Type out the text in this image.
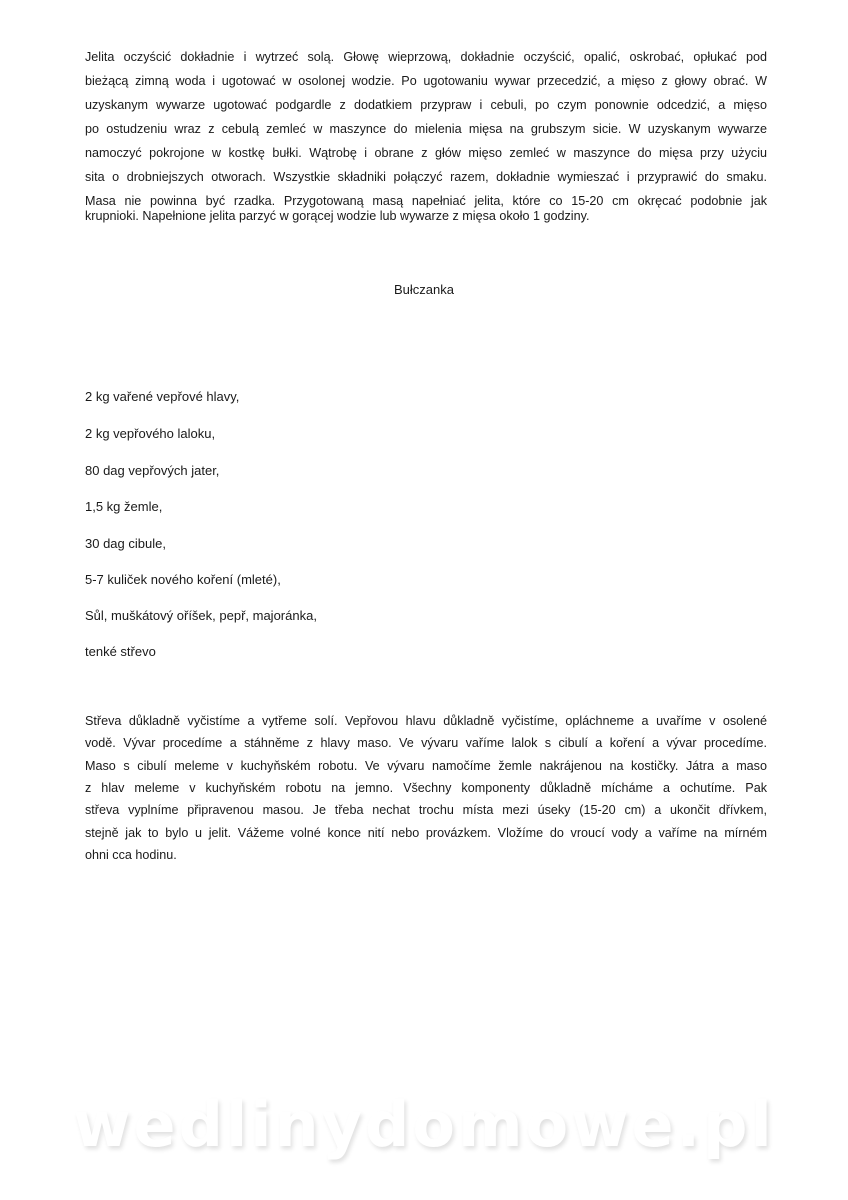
Jelita oczyścić dokładnie i wytrzeć solą. Głowę wieprzową, dokładnie oczyścić, opalić, oskrobać, opłukać pod
bieżącą zimną woda i ugotować w osolonej wodzie. Po ugotowaniu wywar przecedzić, a mięso z głowy obrać. W
uzyskanym wywarze ugotować podgardle z dodatkiem przypraw i cebuli, po czym ponownie odcedzić, a mięso
po ostudzeniu wraz z cebulą zemleć w maszynce do mielenia mięsa na grubszym sicie. W uzyskanym wywarze
namoczyć pokrojone w kostkę bułki. Wątrobę i obrane z głów mięso zemleć w maszynce do mięsa przy użyciu
sita o drobniejszych otworach. Wszystkie składniki połączyć razem, dokładnie wymieszać i przyprawić do smaku.
Masa nie powinna być rzadka. Przygotowaną masą napełniać jelita, które co 15-20 cm okręcać podobnie jak
krupnioki. Napełnione jelita parzyć w gorącej wodzie lub wywarze z mięsa około 1 godziny.
Bułczanka
2 kg vařené vepřové hlavy,
2 kg vepřového laloku,
80 dag vepřových jater,
1,5 kg žemle,
30 dag cibule,
5-7 kuliček nového koření (mleté),
Sůl, muškátový oříšek, pepř, majoránka,
tenké střevo
Střeva důkladně vyčistíme a vytřeme solí. Vepřovou hlavu důkladně vyčistíme, opláchneme a uvaříme v osolené
vodě. Vývar procedíme a stáhněme z hlavy maso. Ve vývaru vaříme lalok s cibulí a koření a vývar procedíme.
Maso s cibulí meleme v kuchyňském robotu. Ve vývaru namočíme žemle nakrájenou na kostičky. Játra a maso
z hlav meleme v kuchyňském robotu na jemno. Všechny komponenty důkladně mícháme a ochutíme. Pak
střeva vyplníme připravenou masou. Je třeba nechat trochu místa mezi úseky (15-20 cm) a ukončit dřívkem,
stejně jak to bylo u jelit. Vážeme volné konce nití nebo provázkem. Vložíme do vroucí vody a vaříme na mírném
ohni cca hodinu.
wedlinydomowe.pl
